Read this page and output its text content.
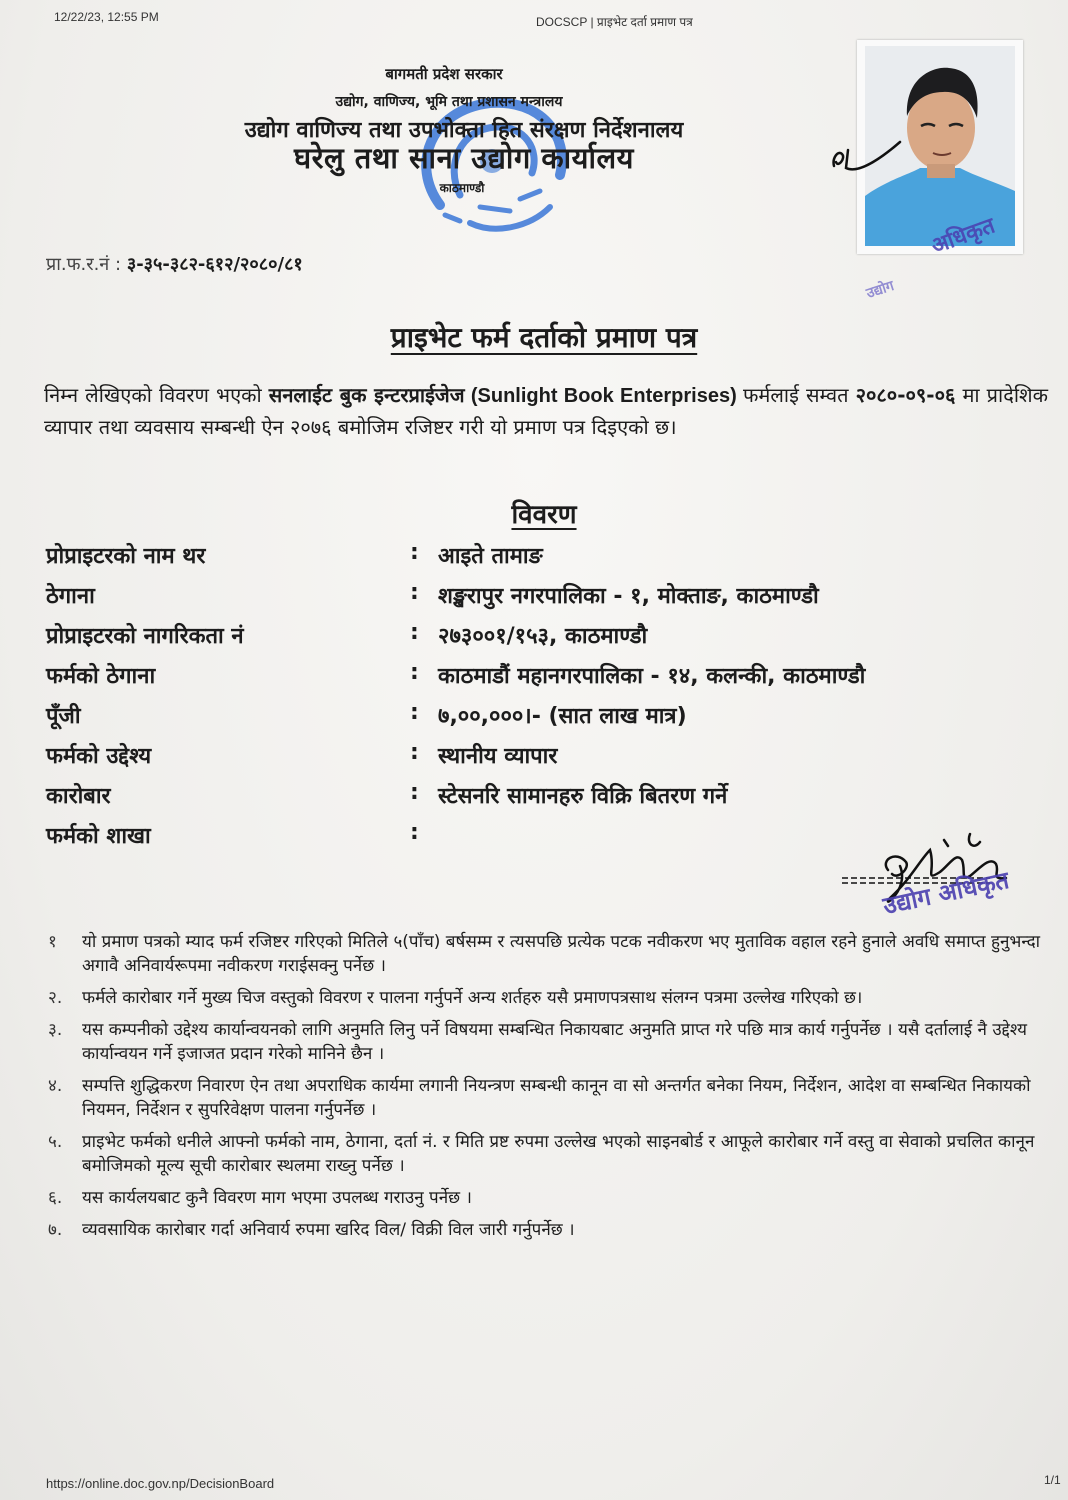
12/22/23, 12:55 PM	DOCSCP | प्राइभेट दर्ता प्रमाण पत्र
बागमती प्रदेश सरकार
उद्योग, वाणिज्य, भूमि तथा प्रशासन मन्त्रालय
उद्योग वाणिज्य तथा उपभोक्ता हित संरक्षण निर्देशनालय
घरेलु तथा साना उद्योग कार्यालय
काठमाण्डौ
प्रा.फ.र.नं : ३-३५-३८२-६१२/२०८०/८१
अधिकृत
उद्योग
प्राइभेट फर्म दर्ताको प्रमाण पत्र
निम्न लेखिएको विवरण भएको सनलाईट बुक इन्टरप्राईजेज (Sunlight Book Enterprises) फर्मलाई सम्वत २०८०-०९-०६ मा प्रादेशिक व्यापार तथा व्यवसाय सम्बन्धी ऐन २०७६ बमोजिम रजिष्टर गरी यो प्रमाण पत्र दिइएको छ।
विवरण
प्रोप्राइटरको नाम थर	: आइते तामाङ
ठेगाना	: शङ्खरापुर नगरपालिका - १, मोक्ताङ, काठमाण्डौ
प्रोप्राइटरको नागरिकता नं	: २७३००१/१५३, काठमाण्डौ
फर्मको ठेगाना	: काठमाडौं महानगरपालिका - १४, कलन्की, काठमाण्डौ
पूँजी	: ७,००,०००।- (सात लाख मात्र)
फर्मको उद्देश्य	: स्थानीय व्यापार
कारोबार	: स्टेसनरि सामानहरु विक्रि बितरण गर्ने
फर्मको शाखा	:
उद्योग अधिकृत
१	यो प्रमाण पत्रको म्याद फर्म रजिष्टर गरिएको मितिले ५(पाँच) बर्षसम्म र त्यसपछि प्रत्येक पटक नवीकरण भए मुताविक वहाल रहने हुनाले अवधि समाप्त हुनुभन्दा अगावै अनिवार्यरूपमा नवीकरण गराईसक्नु पर्नेछ ।
२.	फर्मले कारोबार गर्ने मुख्य चिज वस्तुको विवरण र पालना गर्नुपर्ने अन्य शर्तहरु यसै प्रमाणपत्रसाथ संलग्न पत्रमा उल्लेख गरिएको छ।
३.	यस कम्पनीको उद्देश्य कार्यान्वयनको लागि अनुमति लिनु पर्ने विषयमा सम्बन्धित निकायबाट अनुमति प्राप्त गरे पछि मात्र कार्य गर्नुपर्नेछ । यसै दर्तालाई नै उद्देश्य कार्यान्वयन गर्ने इजाजत प्रदान गरेको मानिने छैन ।
४.	सम्पत्ति शुद्धिकरण निवारण ऐन तथा अपराधिक कार्यमा लगानी नियन्त्रण सम्बन्धी कानून वा सो अन्तर्गत बनेका नियम, निर्देशन, आदेश वा सम्बन्धित निकायको नियमन, निर्देशन र सुपरिवेक्षण पालना गर्नुपर्नेछ ।
५.	प्राइभेट फर्मको धनीले आफ्नो फर्मको नाम, ठेगाना, दर्ता नं. र मिति प्रष्ट रुपमा उल्लेख भएको साइनबोर्ड र आफूले कारोबार गर्ने वस्तु वा सेवाको प्रचलित कानून बमोजिमको मूल्य सूची कारोबार स्थलमा राख्नु पर्नेछ ।
६.	यस कार्यलयबाट कुनै विवरण माग भएमा उपलब्ध गराउनु पर्नेछ ।
७.	व्यवसायिक कारोबार गर्दा अनिवार्य रुपमा खरिद विल/ विक्री विल जारी गर्नुपर्नेछ ।
https://online.doc.gov.np/DecisionBoard	1/1
